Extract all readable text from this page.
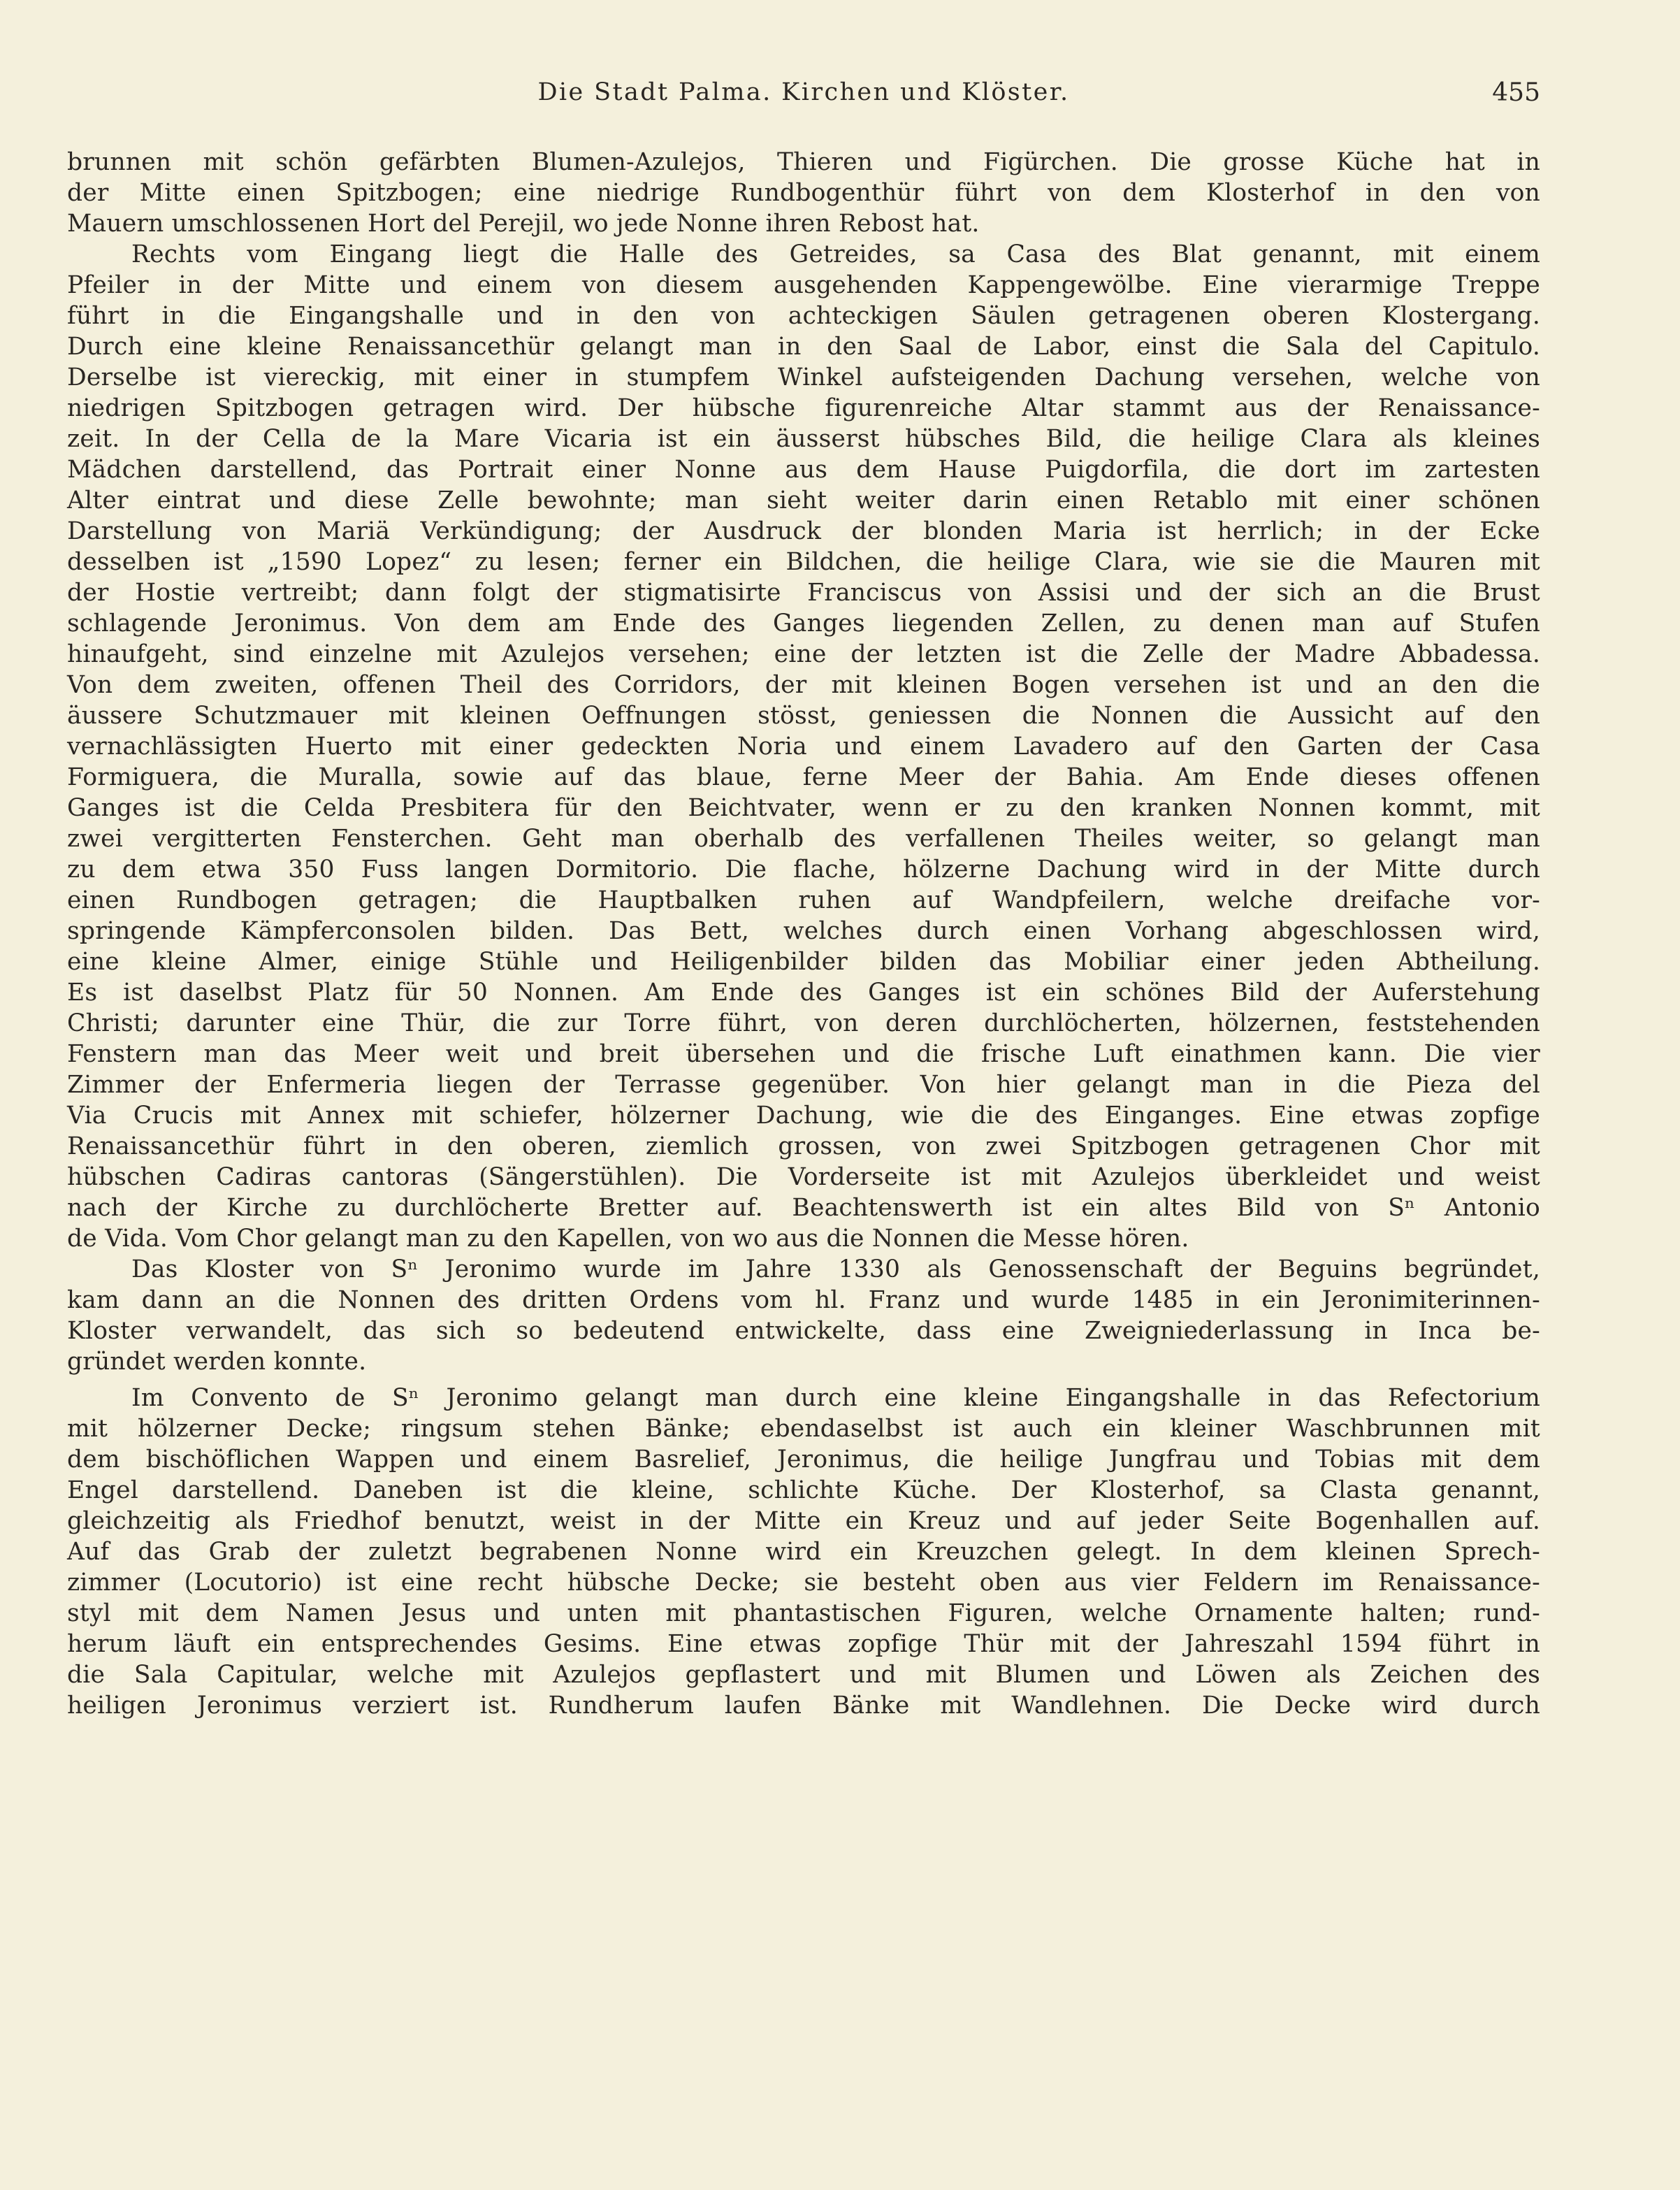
Die Stadt Palma. Kirchen und Klöster.	455
brunnen mit schön gefärbten Blumen-Azulejos, Thieren und Figürchen. Die grosse Küche hat in
der Mitte einen Spitzbogen; eine niedrige Rundbogenthür führt von dem Klosterhof in den von
Mauern umschlossenen Hort del Perejil, wo jede Nonne ihren Rebost hat.
Rechts vom Eingang liegt die Halle des Getreides, sa Casa des Blat genannt, mit einem
Pfeiler in der Mitte und einem von diesem ausgehenden Kappengewölbe. Eine vierarmige Treppe
führt in die Eingangshalle und in den von achteckigen Säulen getragenen oberen Klostergang.
Durch eine kleine Renaissancethür gelangt man in den Saal de Labor, einst die Sala del Capitulo.
Derselbe ist viereckig, mit einer in stumpfem Winkel aufsteigenden Dachung versehen, welche von
niedrigen Spitzbogen getragen wird. Der hübsche figurenreiche Altar stammt aus der Renaissance-
zeit. In der Cella de la Mare Vicaria ist ein äusserst hübsches Bild, die heilige Clara als kleines
Mädchen darstellend, das Portrait einer Nonne aus dem Hause Puigdorfila, die dort im zartesten
Alter eintrat und diese Zelle bewohnte; man sieht weiter darin einen Retablo mit einer schönen
Darstellung von Mariä Verkündigung; der Ausdruck der blonden Maria ist herrlich; in der Ecke
desselben ist „1590 Lopez“ zu lesen; ferner ein Bildchen, die heilige Clara, wie sie die Mauren mit
der Hostie vertreibt; dann folgt der stigmatisirte Franciscus von Assisi und der sich an die Brust
schlagende Jeronimus. Von dem am Ende des Ganges liegenden Zellen, zu denen man auf Stufen
hinaufgeht, sind einzelne mit Azulejos versehen; eine der letzten ist die Zelle der Madre Abbadessa.
Von dem zweiten, offenen Theil des Corridors, der mit kleinen Bogen versehen ist und an den die
äussere Schutzmauer mit kleinen Oeffnungen stösst, geniessen die Nonnen die Aussicht auf den
vernachlässigten Huerto mit einer gedeckten Noria und einem Lavadero auf den Garten der Casa
Formiguera, die Muralla, sowie auf das blaue, ferne Meer der Bahia. Am Ende dieses offenen
Ganges ist die Celda Presbitera für den Beichtvater, wenn er zu den kranken Nonnen kommt, mit
zwei vergitterten Fensterchen. Geht man oberhalb des verfallenen Theiles weiter, so gelangt man
zu dem etwa 350 Fuss langen Dormitorio. Die flache, hölzerne Dachung wird in der Mitte durch
einen Rundbogen getragen; die Hauptbalken ruhen auf Wandpfeilern, welche dreifache vor-
springende Kämpferconsolen bilden. Das Bett, welches durch einen Vorhang abgeschlossen wird,
eine kleine Almer, einige Stühle und Heiligenbilder bilden das Mobiliar einer jeden Abtheilung.
Es ist daselbst Platz für 50 Nonnen. Am Ende des Ganges ist ein schönes Bild der Auferstehung
Christi; darunter eine Thür, die zur Torre führt, von deren durchlöcherten, hölzernen, feststehenden
Fenstern man das Meer weit und breit übersehen und die frische Luft einathmen kann. Die vier
Zimmer der Enfermeria liegen der Terrasse gegenüber. Von hier gelangt man in die Pieza del
Via Crucis mit Annex mit schiefer, hölzerner Dachung, wie die des Einganges. Eine etwas zopfige
Renaissancethür führt in den oberen, ziemlich grossen, von zwei Spitzbogen getragenen Chor mit
hübschen Cadiras cantoras (Sängerstühlen). Die Vorderseite ist mit Azulejos überkleidet und weist
nach der Kirche zu durchlöcherte Bretter auf. Beachtenswerth ist ein altes Bild von Sⁿ Antonio
de Vida. Vom Chor gelangt man zu den Kapellen, von wo aus die Nonnen die Messe hören.
Das Kloster von Sⁿ Jeronimo wurde im Jahre 1330 als Genossenschaft der Beguins begründet,
kam dann an die Nonnen des dritten Ordens vom hl. Franz und wurde 1485 in ein Jeronimiterinnen-
Kloster verwandelt, das sich so bedeutend entwickelte, dass eine Zweigniederlassung in Inca be-
gründet werden konnte.
Im Convento de Sⁿ Jeronimo gelangt man durch eine kleine Eingangshalle in das Refectorium
mit hölzerner Decke; ringsum stehen Bänke; ebendaselbst ist auch ein kleiner Waschbrunnen mit
dem bischöflichen Wappen und einem Basrelief, Jeronimus, die heilige Jungfrau und Tobias mit dem
Engel darstellend. Daneben ist die kleine, schlichte Küche. Der Klosterhof, sa Clasta genannt,
gleichzeitig als Friedhof benutzt, weist in der Mitte ein Kreuz und auf jeder Seite Bogenhallen auf.
Auf das Grab der zuletzt begrabenen Nonne wird ein Kreuzchen gelegt. In dem kleinen Sprech-
zimmer (Locutorio) ist eine recht hübsche Decke; sie besteht oben aus vier Feldern im Renaissance-
styl mit dem Namen Jesus und unten mit phantastischen Figuren, welche Ornamente halten; rund-
herum läuft ein entsprechendes Gesims. Eine etwas zopfige Thür mit der Jahreszahl 1594 führt in
die Sala Capitular, welche mit Azulejos gepflastert und mit Blumen und Löwen als Zeichen des
heiligen Jeronimus verziert ist. Rundherum laufen Bänke mit Wandlehnen. Die Decke wird durch
